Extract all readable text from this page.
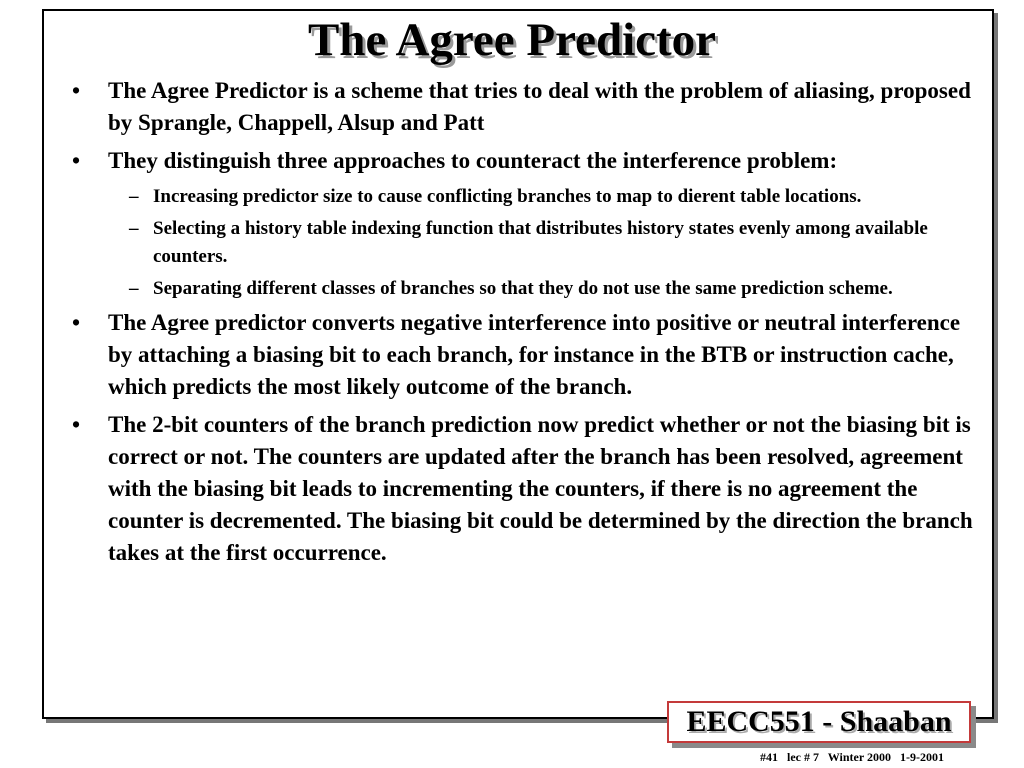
The Agree Predictor
•	The Agree Predictor is a scheme that tries to deal with the problem of aliasing, proposed by Sprangle, Chappell, Alsup and Patt
•	They distinguish three approaches to counteract the interference problem:
– Increasing predictor size to cause conflicting branches to map to dierent table locations.
– Selecting a history table indexing function that distributes history states evenly among available counters.
– Separating different classes of branches so that they do not use the same prediction scheme.
•	The Agree predictor converts negative interference into positive or neutral interference by attaching a biasing bit to each branch, for instance in the BTB or instruction cache, which predicts the most likely outcome of the branch.
•	The 2-bit counters of the branch prediction now predict whether or not the biasing bit is correct or not. The counters are updated after the branch has been resolved, agreement with the biasing bit leads to incrementing the counters, if there is no agreement the counter is decremented. The biasing bit could be determined by the direction the branch takes at the first occurrence.
EECC551 - Shaaban
#41   lec # 7   Winter 2000   1-9-2001
